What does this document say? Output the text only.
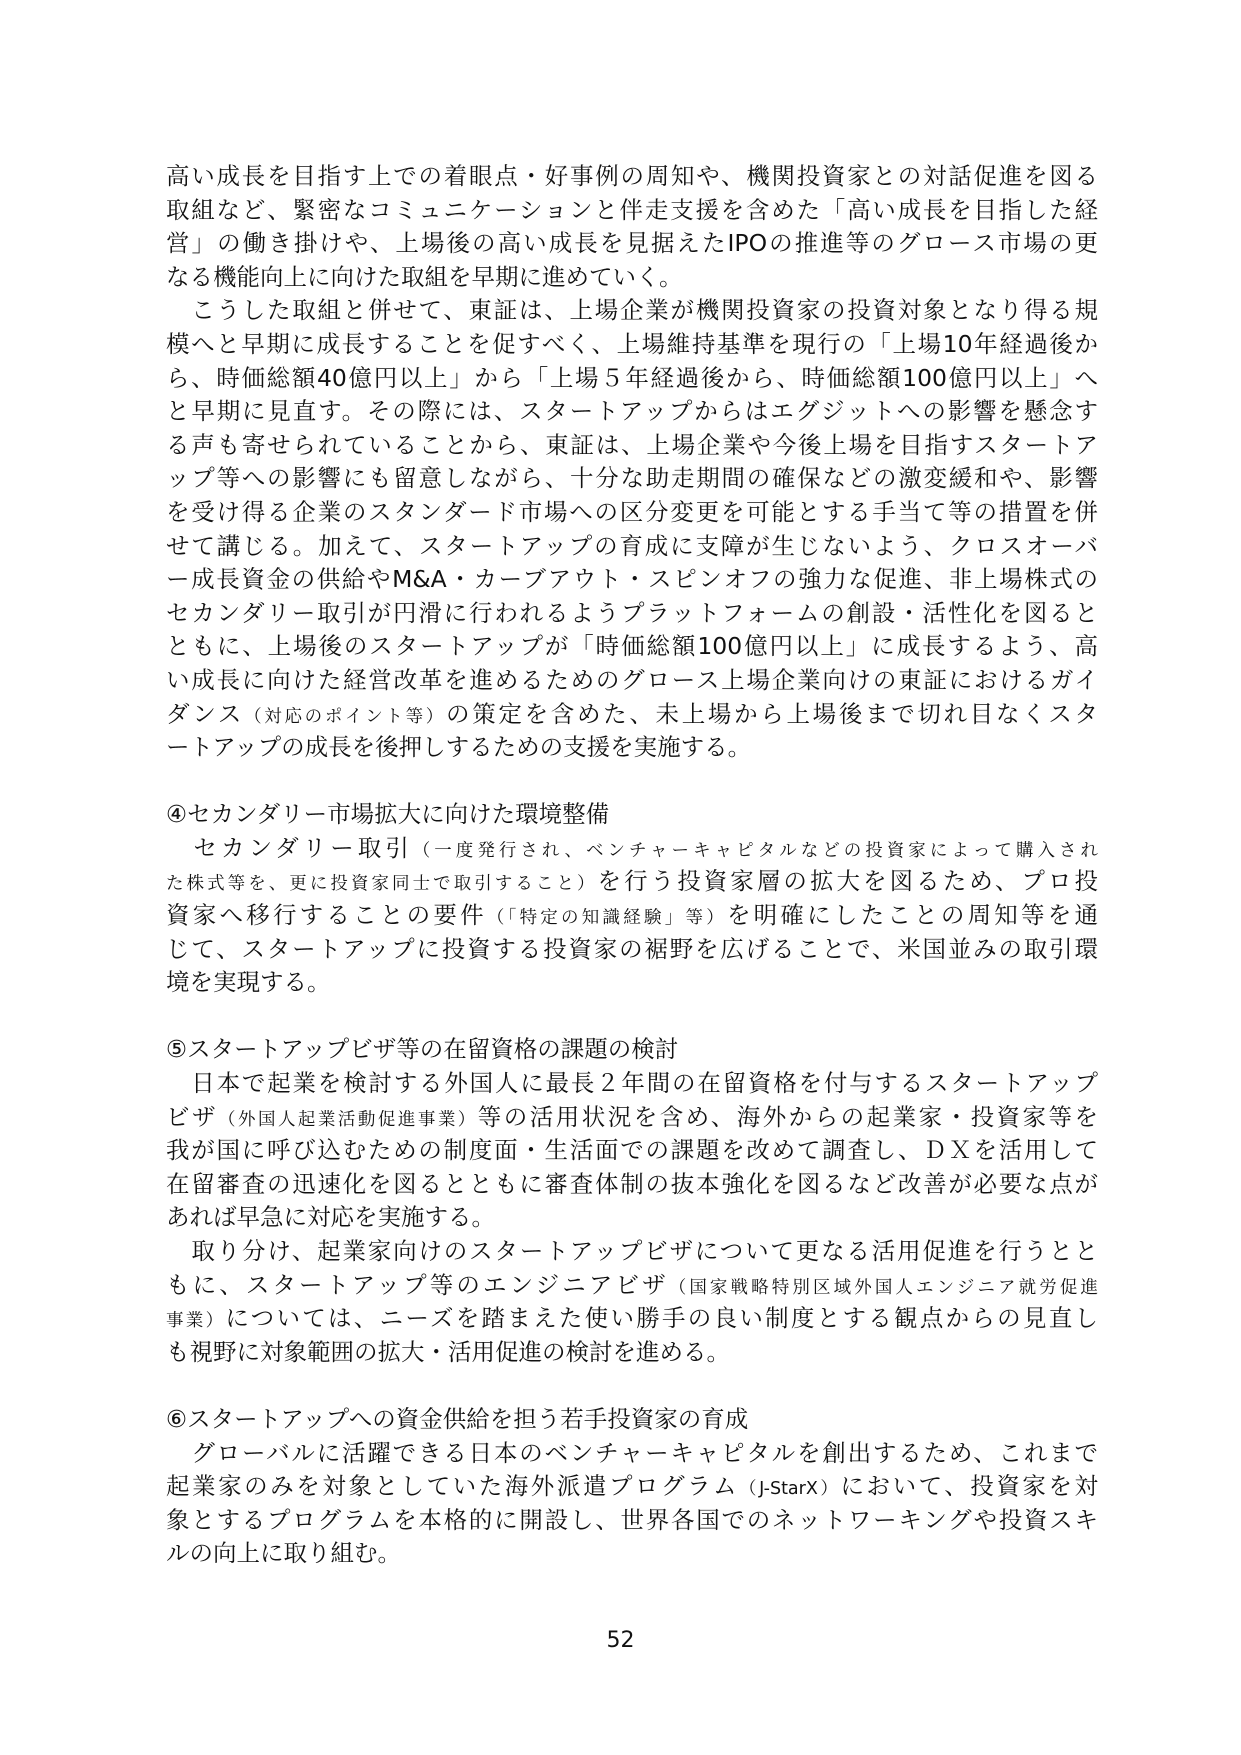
高い成長を目指す上での着眼点・好事例の周知や、機関投資家との対話促進を図る
取組など、緊密なコミュニケーションと伴走支援を含めた「高い成長を目指した経
営」の働き掛けや、上場後の高い成長を見据えたIPOの推進等のグロース市場の更
なる機能向上に向けた取組を早期に進めていく。
　こうした取組と併せて、東証は、上場企業が機関投資家の投資対象となり得る規
模へと早期に成長することを促すべく、上場維持基準を現行の「上場10年経過後か
ら、時価総額40億円以上」から「上場５年経過後から、時価総額100億円以上」へ
と早期に見直す。その際には、スタートアップからはエグジットへの影響を懸念す
る声も寄せられていることから、東証は、上場企業や今後上場を目指すスタートア
ップ等への影響にも留意しながら、十分な助走期間の確保などの激変緩和や、影響
を受け得る企業のスタンダード市場への区分変更を可能とする手当て等の措置を併
せて講じる。加えて、スタートアップの育成に支障が生じないよう、クロスオーバ
ー成長資金の供給やM&A・カーブアウト・スピンオフの強力な促進、非上場株式の
セカンダリー取引が円滑に行われるようプラットフォームの創設・活性化を図ると
ともに、上場後のスタートアップが「時価総額100億円以上」に成長するよう、高
い成長に向けた経営改革を進めるためのグロース上場企業向けの東証におけるガイ
ダンス（対応のポイント等）の策定を含めた、未上場から上場後まで切れ目なくスタ
ートアップの成長を後押しするための支援を実施する。
④セカンダリー市場拡大に向けた環境整備
　セカンダリー取引（一度発行され、ベンチャーキャピタルなどの投資家によって購入され
た株式等を、更に投資家同士で取引すること）を行う投資家層の拡大を図るため、プロ投
資家へ移行することの要件（「特定の知識経験」等）を明確にしたことの周知等を通
じて、スタートアップに投資する投資家の裾野を広げることで、米国並みの取引環
境を実現する。
⑤スタートアップビザ等の在留資格の課題の検討
　日本で起業を検討する外国人に最長２年間の在留資格を付与するスタートアップ
ビザ（外国人起業活動促進事業）等の活用状況を含め、海外からの起業家・投資家等を
我が国に呼び込むための制度面・生活面での課題を改めて調査し、ＤＸを活用して
在留審査の迅速化を図るとともに審査体制の抜本強化を図るなど改善が必要な点が
あれば早急に対応を実施する。
　取り分け、起業家向けのスタートアップビザについて更なる活用促進を行うとと
もに、スタートアップ等のエンジニアビザ（国家戦略特別区域外国人エンジニア就労促進
事業）については、ニーズを踏まえた使い勝手の良い制度とする観点からの見直し
も視野に対象範囲の拡大・活用促進の検討を進める。
⑥スタートアップへの資金供給を担う若手投資家の育成
　グローバルに活躍できる日本のベンチャーキャピタルを創出するため、これまで
起業家のみを対象としていた海外派遣プログラム（J-StarX）において、投資家を対
象とするプログラムを本格的に開設し、世界各国でのネットワーキングや投資スキ
ルの向上に取り組む。
52
